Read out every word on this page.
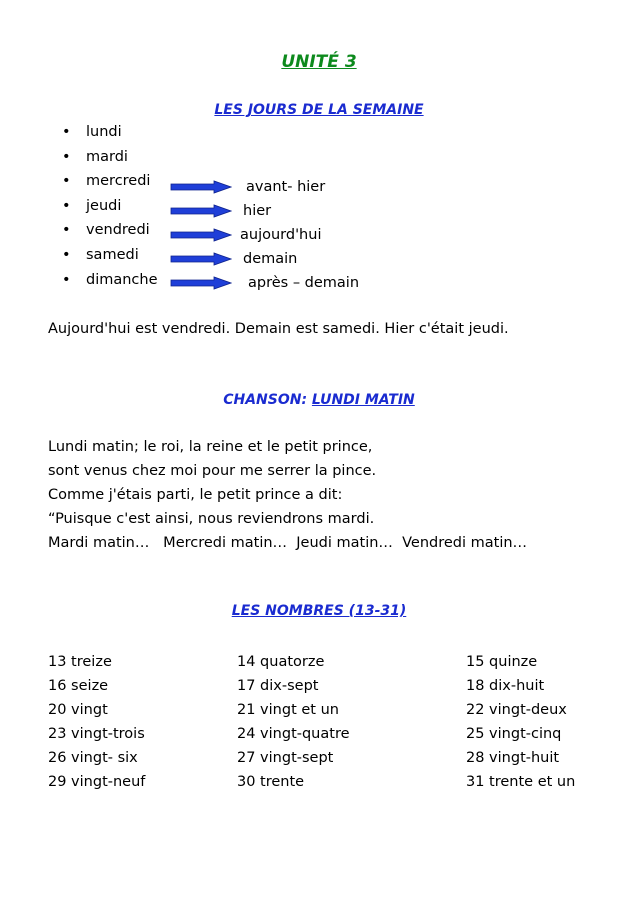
UNITÉ 3
LES JOURS DE LA SEMAINE
• lundi
• mardi
• mercredi
• jeudi
• vendredi
• samedi
• dimanche
avant- hier
hier
aujourd'hui
demain
après – demain
Aujourd'hui est vendredi. Demain est samedi. Hier c'était jeudi.
CHANSON: LUNDI MATIN
Lundi matin; le roi, la reine et le petit prince,
sont venus chez moi pour me serrer la pince.
Comme j'étais parti, le petit prince a dit:
“Puisque c'est ainsi, nous reviendrons mardi.
Mardi matin…   Mercredi matin…  Jeudi matin…  Vendredi matin…
LES NOMBRES (13-31)
13 treize	14 quatorze	15 quinze
16 seize	17 dix-sept	18 dix-huit
20 vingt	21 vingt et un	22 vingt-deux
23 vingt-trois	24 vingt-quatre	25 vingt-cinq
26 vingt- six	27 vingt-sept	28 vingt-huit
29 vingt-neuf	30 trente	31 trente et un
